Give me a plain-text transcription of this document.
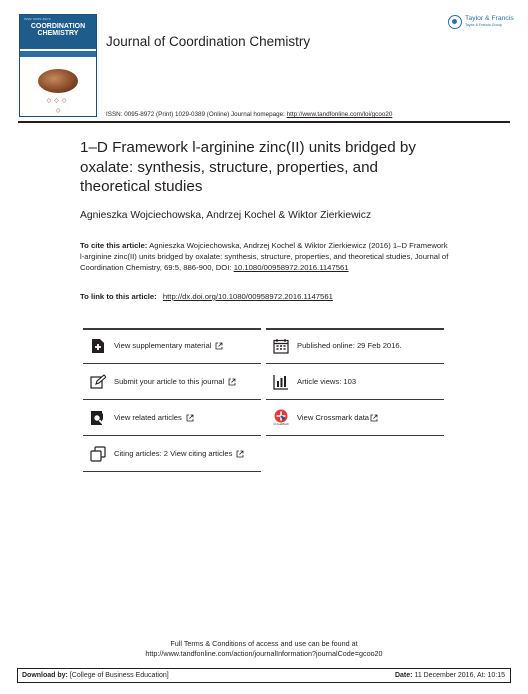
ISSN 0095-8972
COORDINATION
CHEMISTRY
◇◇◇
◇
Journal of Coordination Chemistry
Taylor & Francis
Taylor & Francis Group
ISSN: 0095-8972 (Print) 1029-0389 (Online) Journal homepage: http://www.tandfonline.com/loi/gcoo20
1–D Framework l-arginine zinc(II) units bridged by oxalate: synthesis, structure, properties, and theoretical studies
Agnieszka Wojciechowska, Andrzej Kochel & Wiktor Zierkiewicz
To cite this article: Agnieszka Wojciechowska, Andrzej Kochel & Wiktor Zierkiewicz (2016) 1–D Framework l-arginine zinc(II) units bridged by oxalate: synthesis, structure, properties, and theoretical studies, Journal of Coordination Chemistry, 69:5, 886-900, DOI: 10.1080/00958972.2016.1147561
To link to this article: http://dx.doi.org/10.1080/00958972.2016.1147561
View supplementary material	Published online: 29 Feb 2016.
Submit your article to this journal	Article views: 103
View related articles
CrossMark
View Crossmark data
Citing articles: 2 View citing articles
Full Terms & Conditions of access and use can be found at
http://www.tandfonline.com/action/journalInformation?journalCode=gcoo20
Download by: [College of Business Education]	Date: 11 December 2016, At: 10:15
